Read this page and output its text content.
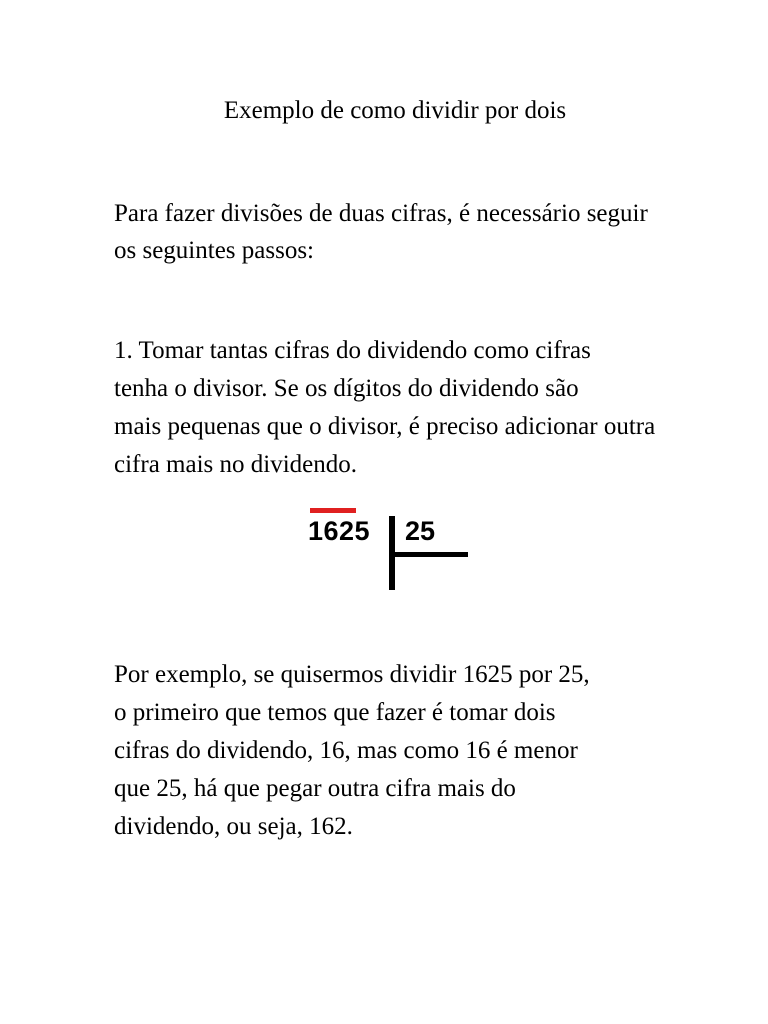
Exemplo de como dividir por dois

Para fazer divisões de duas cifras, é necessário seguir
os seguintes passos:

1. Tomar tantas cifras do dividendo como cifras
tenha o divisor. Se os dígitos do dividendo são
mais pequenas que o divisor, é preciso adicionar outra
cifra mais no dividendo.

1625 25

Por exemplo, se quisermos dividir 1625 por 25,
o primeiro que temos que fazer é tomar dois
cifras do dividendo, 16, mas como 16 é menor
que 25, há que pegar outra cifra mais do
dividendo, ou seja, 162.
